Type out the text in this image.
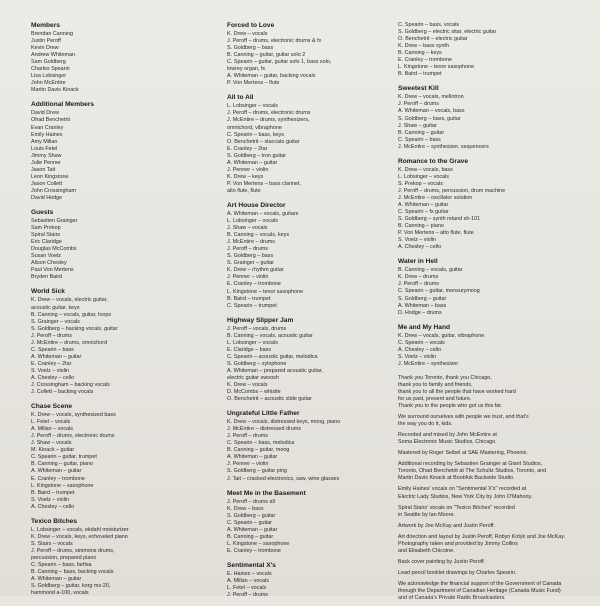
Members
Brendan Canning
Justin Peroff
Kevin Drew
Andrew Whiteman
Sam Goldberg
Charles Spearin
Lisa Lobsinger
John McEntire
Martin Davis Kinack
Additional Members
David Drew
Ohad Benchetrit
Evan Cranley
Emily Haines
Amy Millan
Louis Fetel
Jimmy Shaw
Julie Penner
Jason Tait
Leon Kingstone
Jason Collett
John Crossingham
David Hodge
Guests
Sebastien Grainger
Sam Prekop
Spiral Stairs
Eric Claridge
Douglas McCombs
Susan Voelz
Alison Chesley
Paul Von Mertens
Bryden Baird
World Sick
K. Drew – vocals, electric guitar,
acoustic guitar, keys
B. Canning – vocals, guitar, loops
S. Grainger – vocals
S. Goldberg – backing vocals, guitar
J. Peroff – drums
J. McEntire – drums, omnichord
C. Spearin – bass
A. Whiteman – guitar
E. Cranley – 2tar
S. Voelz – violin
A. Chesley – cello
J. Crossingham – backing vocals
J. Collett – backing vocals
Chase Scene
K. Drew – vocals, synthesized bass
L. Fetel – vocals
A. Millan – vocals
J. Peroff – drums, electronic drums
J. Shaw – vocals
M. Kinack – guitar
C. Spearin – guitar, trumpet
B. Canning – guitar, piano
A. Whiteman – guitar
E. Cranley – trombone
L. Kingstone – saxophone
B. Baird – trumpet
S. Voelz – violin
A. Chesley – cello
Texico Bitches
L. Lobsinger – vocals, ekdahl moisturizer
K. Drew – vocals, keys, echoveled piano
S. Stairs – vocals
J. Peroff – drums, simmons drums,
percussion, prepared piano
C. Spearin – bass, farfisa
B. Canning – bass, backing vocals
A. Whiteman – guitar
S. Goldberg – guitar, korg ms-20,
hammond a-100, vocals
Forced to Love
K. Drew – vocals
J. Peroff – drums, electronic drums & fx
S. Goldberg – bass
B. Canning – guitar, guitar solo 2
C. Spearin – guitar, guitar solo 1, bass solo,
lowrey organ, fx
A. Whiteman – guitar, backing vocals
P. Von Mertens – flute
All to All
L. Lobsinger – vocals
J. Peroff – drums, electronic drums
J. McEntire – drums, synthesizers,
omnichord, vibraphone
C. Spearin – bass, keys
O. Benchetrit – staccato guitar
E. Cranley – 2tar
S. Goldberg – tron guitar
A. Whiteman – guitar
J. Penner – violin
K. Drew – keys
P. Von Mertens – bass clarinet,
alto flute, flute
Art House Director
A. Whiteman – vocals, guitars
L. Lobsinger – vocals
J. Shaw – vocals
B. Canning – vocals, keys
J. McEntire – drums
J. Peroff – drums
S. Goldberg – bass
S. Grainger – guitar
K. Drew – rhythm guitar
J. Penner – violin
E. Cranley – trombone
L. Kingstone – tenor saxophone
B. Baird – trumpet
C. Spearin – trumpet
Highway Slipper Jam
J. Peroff – vocals, drums
B. Canning – vocals, acoustic guitar
L. Lobsinger – vocals
E. Claridge – bass
C. Spearin – acoustic guitar, melodica
S. Goldberg – xylophone
A. Whiteman – prepared acoustic guitar,
electric guitar swoosh
K. Drew – vocals
D. McCombs – whistle
O. Benchetrit – acoustic slide guitar
Ungrateful Little Father
K. Drew – vocals, distressed keys, moog, piano
J. McEntire – distressed drums
J. Peroff – drums
C. Spearin – bass, melodica
B. Canning – guitar, moog
A. Whiteman – guitar
J. Penner – violin
S. Goldberg – guitar ping
J. Tait – cracked electronics, saw, wine glasses
Meet Me in the Basement
J. Peroff – drums all
K. Drew – bass
S. Goldberg – guitar
C. Spearin – guitar
A. Whiteman – guitar
B. Canning – guitar
L. Kingstone – saxophone
E. Cranley – trombone
Sentimental X's
E. Haines – vocals
A. Millan – vocals
L. Fetel – vocals
J. Peroff – drums
C. Spearin – bass, vocals
S. Goldberg – electric sitar, electric guitar
O. Benchetrit – electric guitar
K. Drew – bass synth
B. Canning – keys
E. Cranley – trombone
L. Kingstone – tenor saxophone
B. Baird – trumpet
Sweetest Kill
K. Drew – vocals, mellotron
J. Peroff – drums
A. Whiteman – vocals, bass
S. Goldberg – bass, guitar
J. Shaw – guitar
B. Canning – guitar
C. Spearin – bass
J. McEntire – synthesizer, sequencers
Romance to the Grave
K. Drew – vocals, bass
L. Lobsinger – vocals
S. Prekop – vocals
J. Peroff – drums, percussion, drum machine
J. McEntire – oscillator solution
A. Whiteman – guitar
C. Spearin – fx guitar
S. Goldberg – synth reland sh-101
B. Canning – piano
P. Von Mertens – alto flute, flute
S. Voelz – violin
A. Chesley – cello
Water in Hell
B. Canning – vocals, guitar
K. Drew – drums
J. Peroff – drums
C. Spearin – guitar, mensurymoog
S. Goldberg – guitar
A. Whiteman – bass
D. Hodge – drums
Me and My Hand
K. Drew – vocals, guitar, vibraphone
C. Spearin – vocals
A. Chesley – cello
S. Voelz – violin
J. McEntire – synthesizer
Thank you Toronto, thank you Chicago,
thank you to family and friends,
thank you to all the people that have worked hard
for us past, present and future.
Thank you to the people who got us this far.
We surround ourselves with people we trust, and that's
the way you do it, kids.
Recorded and mixed by John McEntire at
Soma Electronic Music Studios, Chicago.
Mastered by Roger Seibel at SAE Mastering, Phoenix.
Additional recording by Sebastien Grainger at Giant Studios,
Toronto, Ohad Benchetrit at The Schultz Studios, Toronto, and
Martin Davis Kinack at Boobfuk Backside Studio.
Emily Haines' vocals on "Sentimental X's" recorded at
Electric Lady Studios, New York City by John O'Mahony.
Spiral Stairs' vocals on "Texico Bitches" recorded
in Seattle by Ian Moore.
Artwork by Joe McKay and Justin Peroff.
Art direction and layout by Justin Peroff, Robyn Kotyk and Joe McKay.
Photography taken and provided by Jimmy Collins
and Elisabeth Chicoine.
Back cover painting by Justin Peroff.
Lead pencil booklet drawings by Charles Spearin.
We acknowledge the financial support of the Government of Canada
through the Department of Canadian Heritage (Canada Music Fund)
and of Canada's Private Radio Broadcasters.
